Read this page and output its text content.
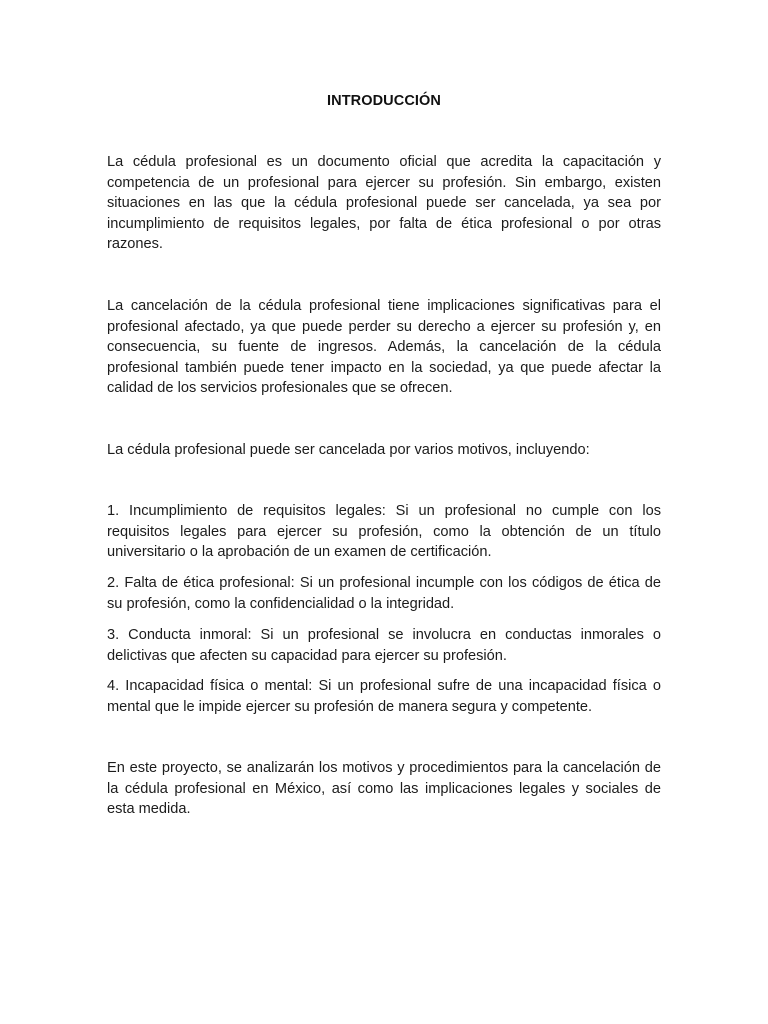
INTRODUCCIÓN

La cédula profesional es un documento oficial que acredita la capacitación y competencia de un profesional para ejercer su profesión. Sin embargo, existen situaciones en las que la cédula profesional puede ser cancelada, ya sea por incumplimiento de requisitos legales, por falta de ética profesional o por otras razones.

La cancelación de la cédula profesional tiene implicaciones significativas para el profesional afectado, ya que puede perder su derecho a ejercer su profesión y, en consecuencia, su fuente de ingresos. Además, la cancelación de la cédula profesional también puede tener impacto en la sociedad, ya que puede afectar la calidad de los servicios profesionales que se ofrecen.

La cédula profesional puede ser cancelada por varios motivos, incluyendo:

1. Incumplimiento de requisitos legales: Si un profesional no cumple con los requisitos legales para ejercer su profesión, como la obtención de un título universitario o la aprobación de un examen de certificación.

2. Falta de ética profesional: Si un profesional incumple con los códigos de ética de su profesión, como la confidencialidad o la integridad.

3. Conducta inmoral: Si un profesional se involucra en conductas inmorales o delictivas que afecten su capacidad para ejercer su profesión.

4. Incapacidad física o mental: Si un profesional sufre de una incapacidad física o mental que le impide ejercer su profesión de manera segura y competente.

En este proyecto, se analizarán los motivos y procedimientos para la cancelación de la cédula profesional en México, así como las implicaciones legales y sociales de esta medida.
